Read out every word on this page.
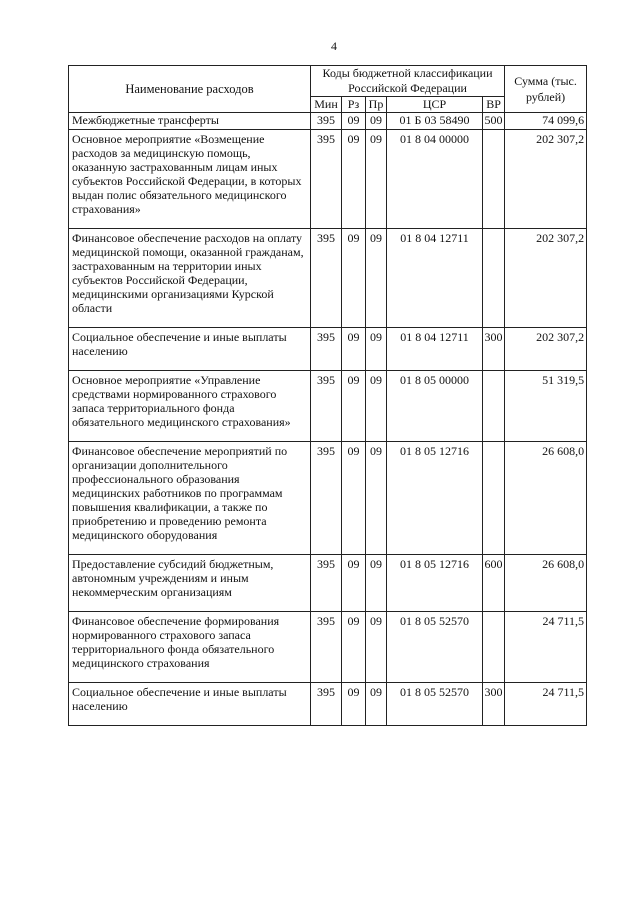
4
Наименование расходов	Коды бюджетной классификации Российской Федерации					Сумма (тыс. рублей)
	Мин	Рз	Пр	ЦСР	ВР	
Межбюджетные трансферты	395	09	09	01 Б 03 58490	500	74 099,6
Основное мероприятие «Возмещение расходов за медицинскую помощь, оказанную застрахованным лицам иных субъектов Российской Федерации, в которых выдан полис обязательного медицинского страхования»	395	09	09	01 8 04 00000		202 307,2
Финансовое обеспечение расходов на оплату медицинской помощи, оказанной гражданам, застрахованным на территории иных субъектов Российской Федерации, медицинскими организациями Курской области	395	09	09	01 8 04 12711		202 307,2
Социальное обеспечение и иные выплаты населению	395	09	09	01 8 04 12711	300	202 307,2
Основное мероприятие «Управление средствами нормированного страхового запаса территориального фонда обязательного медицинского страхования»	395	09	09	01 8 05 00000		51 319,5
Финансовое обеспечение мероприятий по организации дополнительного профессионального образования медицинских работников по программам повышения квалификации, а также по приобретению и проведению ремонта медицинского оборудования	395	09	09	01 8 05 12716		26 608,0
Предоставление субсидий бюджетным, автономным учреждениям и иным некоммерческим организациям	395	09	09	01 8 05 12716	600	26 608,0
Финансовое обеспечение формирования нормированного страхового запаса территориального фонда обязательного медицинского страхования	395	09	09	01 8 05 52570		24 711,5
Социальное обеспечение и иные выплаты населению	395	09	09	01 8 05 52570	300	24 711,5
